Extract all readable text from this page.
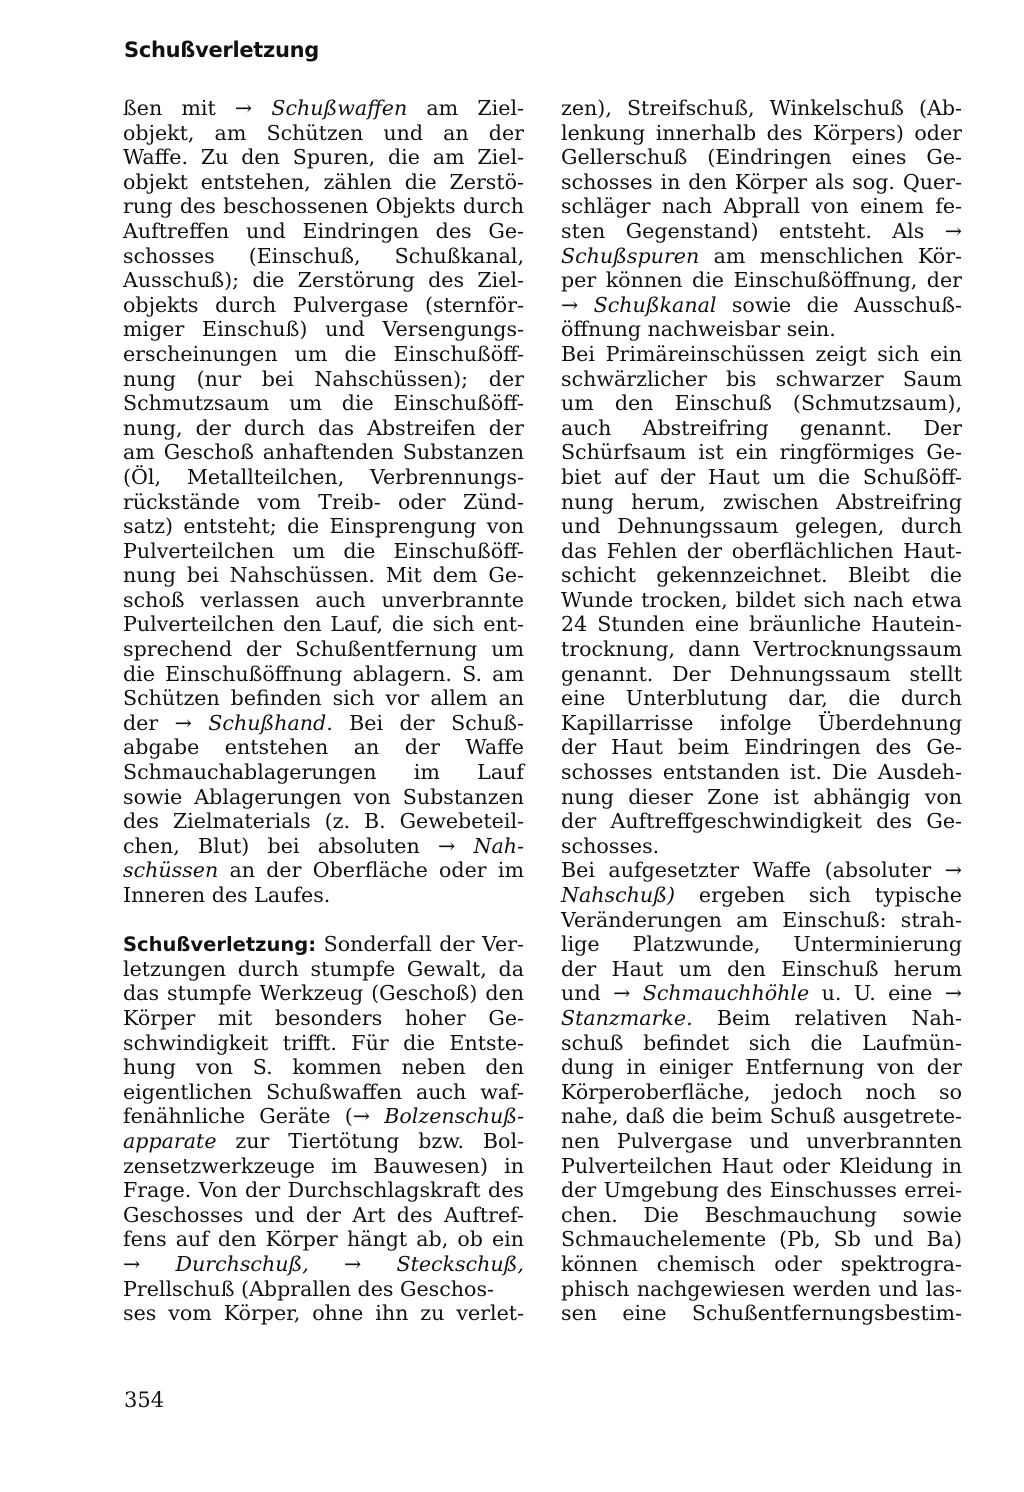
Schußverletzung
ßen mit → Schußwaffen am Ziel-
objekt, am Schützen und an der
Waffe. Zu den Spuren, die am Ziel-
objekt entstehen, zählen die Zerstö-
rung des beschossenen Objekts durch
Auftreffen und Eindringen des Ge-
schosses (Einschuß, Schußkanal,
Ausschuß); die Zerstörung des Ziel-
objekts durch Pulvergase (sternför-
miger Einschuß) und Versengungs-
erscheinungen um die Einschußöff-
nung (nur bei Nahschüssen); der
Schmutzsaum um die Einschußöff-
nung, der durch das Abstreifen der
am Geschoß anhaftenden Substanzen
(Öl, Metallteilchen, Verbrennungs-
rückstände vom Treib- oder Zünd-
satz) entsteht; die Einsprengung von
Pulverteilchen um die Einschußöff-
nung bei Nahschüssen. Mit dem Ge-
schoß verlassen auch unverbrannte
Pulverteilchen den Lauf, die sich ent-
sprechend der Schußentfernung um
die Einschußöffnung ablagern. S. am
Schützen befinden sich vor allem an
der → Schußhand. Bei der Schuß-
abgabe entstehen an der Waffe
Schmauchablagerungen im Lauf
sowie Ablagerungen von Substanzen
des Zielmaterials (z. B. Gewebeteil-
chen, Blut) bei absoluten → Nah-
schüssen an der Oberfläche oder im
Inneren des Laufes.
Schußverletzung: Sonderfall der Ver-
letzungen durch stumpfe Gewalt, da
das stumpfe Werkzeug (Geschoß) den
Körper mit besonders hoher Ge-
schwindigkeit trifft. Für die Entste-
hung von S. kommen neben den
eigentlichen Schußwaffen auch waf-
fenähnliche Geräte (→ Bolzenschuß-
apparate zur Tiertötung bzw. Bol-
zensetzwerkzeuge im Bauwesen) in
Frage. Von der Durchschlagskraft des
Geschosses und der Art des Auftref-
fens auf den Körper hängt ab, ob ein
→ Durchschuß, → Steckschuß,
Prellschuß (Abprallen des Geschos-
ses vom Körper, ohne ihn zu verlet-
zen), Streifschuß, Winkelschuß (Ab-
lenkung innerhalb des Körpers) oder
Gellerschuß (Eindringen eines Ge-
schosses in den Körper als sog. Quer-
schläger nach Abprall von einem fe-
sten Gegenstand) entsteht. Als →
Schußspuren am menschlichen Kör-
per können die Einschußöffnung, der
→ Schußkanal sowie die Ausschuß-
öffnung nachweisbar sein.
Bei Primäreinschüssen zeigt sich ein
schwärzlicher bis schwarzer Saum
um den Einschuß (Schmutzsaum),
auch Abstreifring genannt. Der
Schürfsaum ist ein ringförmiges Ge-
biet auf der Haut um die Schußöff-
nung herum, zwischen Abstreifring
und Dehnungssaum gelegen, durch
das Fehlen der oberflächlichen Haut-
schicht gekennzeichnet. Bleibt die
Wunde trocken, bildet sich nach etwa
24 Stunden eine bräunliche Hautein-
trocknung, dann Vertrocknungssaum
genannt. Der Dehnungssaum stellt
eine Unterblutung dar, die durch
Kapillarrisse infolge Überdehnung
der Haut beim Eindringen des Ge-
schosses entstanden ist. Die Ausdeh-
nung dieser Zone ist abhängig von
der Auftreffgeschwindigkeit des Ge-
schosses.
Bei aufgesetzter Waffe (absoluter →
Nahschuß) ergeben sich typische
Veränderungen am Einschuß: strah-
lige Platzwunde, Unterminierung
der Haut um den Einschuß herum
und → Schmauchhöhle u. U. eine →
Stanzmarke. Beim relativen Nah-
schuß befindet sich die Laufmün-
dung in einiger Entfernung von der
Körperoberfläche, jedoch noch so
nahe, daß die beim Schuß ausgetrete-
nen Pulvergase und unverbrannten
Pulverteilchen Haut oder Kleidung in
der Umgebung des Einschusses errei-
chen. Die Beschmauchung sowie
Schmauchelemente (Pb, Sb und Ba)
können chemisch oder spektrogra-
phisch nachgewiesen werden und las-
sen eine Schußentfernungsbestim-
354
